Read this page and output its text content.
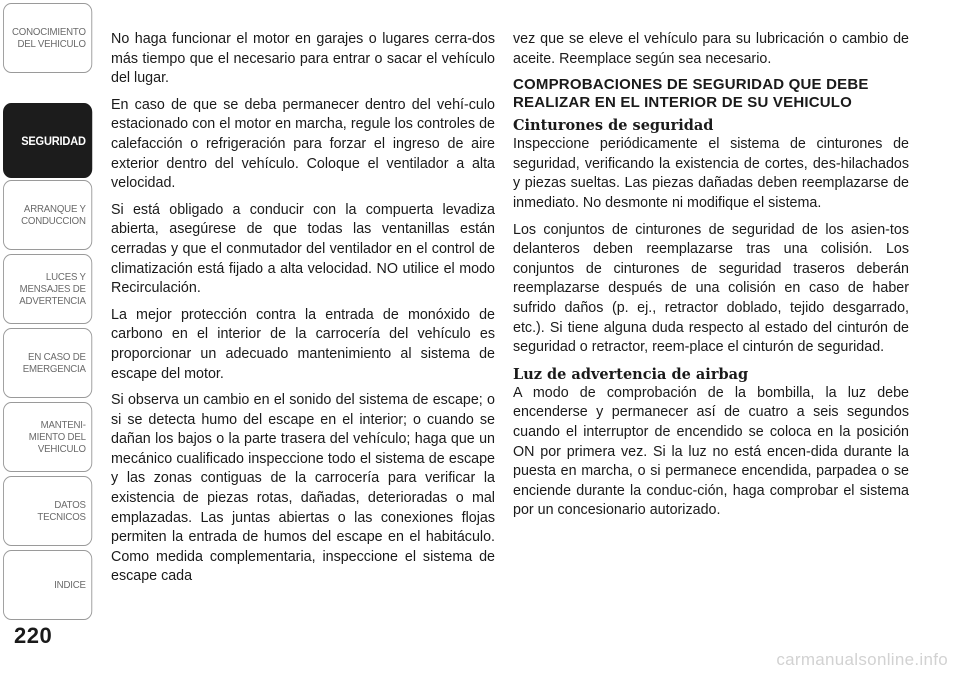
CONOCIMIENTO
DEL VEHICULO
SEGURIDAD
ARRANQUE Y
CONDUCCION
LUCES Y
MENSAJES DE
ADVERTENCIA
EN CASO DE
EMERGENCIA
MANTENI-
MIENTO DEL
VEHICULO
DATOS
TECNICOS
INDICE
220

No haga funcionar el motor en garajes o lugares cerra-dos más tiempo que el necesario para entrar o sacar el vehículo del lugar.

En caso de que se deba permanecer dentro del vehí-culo estacionado con el motor en marcha, regule los controles de calefacción o refrigeración para forzar el ingreso de aire exterior dentro del vehículo. Coloque el ventilador a alta velocidad.

Si está obligado a conducir con la compuerta levadiza abierta, asegúrese de que todas las ventanillas están cerradas y que el conmutador del ventilador en el control de climatización está fijado a alta velocidad. NO utilice el modo Recirculación.

La mejor protección contra la entrada de monóxido de carbono en el interior de la carrocería del vehículo es proporcionar un adecuado mantenimiento al sistema de escape del motor.

Si observa un cambio en el sonido del sistema de escape; o si se detecta humo del escape en el interior; o cuando se dañan los bajos o la parte trasera del vehículo; haga que un mecánico cualificado inspeccione todo el sistema de escape y las zonas contiguas de la carrocería para verificar la existencia de piezas rotas, dañadas, deterioradas o mal emplazadas. Las juntas abiertas o las conexiones flojas permiten la entrada de humos del escape en el habitáculo. Como medida complementaria, inspeccione el sistema de escape cada

vez que se eleve el vehículo para su lubricación o cambio de aceite. Reemplace según sea necesario.

COMPROBACIONES DE SEGURIDAD QUE DEBE REALIZAR EN EL INTERIOR DE SU VEHICULO
Cinturones de seguridad

Inspeccione periódicamente el sistema de cinturones de seguridad, verificando la existencia de cortes, des-hilachados y piezas sueltas. Las piezas dañadas deben reemplazarse de inmediato. No desmonte ni modifique el sistema.

Los conjuntos de cinturones de seguridad de los asien-tos delanteros deben reemplazarse tras una colisión. Los conjuntos de cinturones de seguridad traseros deberán reemplazarse después de una colisión en caso de haber sufrido daños (p. ej., retractor doblado, tejido desgarrado, etc.). Si tiene alguna duda respecto al estado del cinturón de seguridad o retractor, reem-place el cinturón de seguridad.

Luz de advertencia de airbag

A modo de comprobación de la bombilla, la luz debe encenderse y permanecer así de cuatro a seis segundos cuando el interruptor de encendido se coloca en la posición ON por primera vez. Si la luz no está encen-dida durante la puesta en marcha, o si permanece encendida, parpadea o se enciende durante la conduc-ción, haga comprobar el sistema por un concesionario autorizado.

carmanualsonline.info
